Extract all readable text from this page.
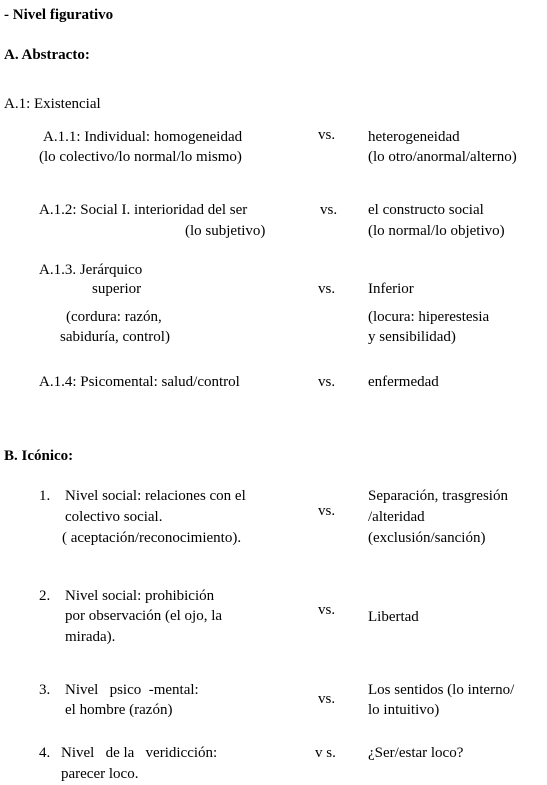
- Nivel figurativo
A. Abstracto:
A.1: Existencial
A.1.1: Individual: homogeneidad
(lo colectivo/lo normal/lo mismo)
vs. heterogeneidad
(lo otro/anormal/alterno)
A.1.2: Social I. interioridad del ser
(lo subjetivo)
vs. el constructo social
(lo normal/lo objetivo)
A.1.3. Jerárquico
superior
(cordura: razón,
sabiduría, control)
vs. Inferior
(locura: hiperestesia
y sensibilidad)
A.1.4: Psicomental: salud/control	vs. enfermedad
B. Icónico:
1. Nivel social: relaciones con el
colectivo social.
( aceptación/reconocimiento).
vs.
Separación, trasgresión
/alteridad
(exclusión/sanción)
2. Nivel social: prohibición
por observación (el ojo, la
mirada).
vs. Libertad
3. Nivel   psico  -mental:
el hombre (razón)
vs.
Los sentidos (lo interno/
lo intuitivo)
4. Nivel   de la   veridicción:
parecer loco.
v s. ¿Ser/estar loco?
